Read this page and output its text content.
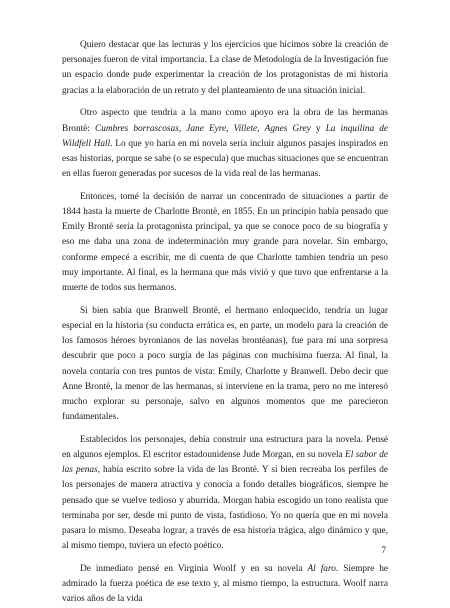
Quiero destacar que las lecturas y los ejercicios que hicimos sobre la creación de personajes fueron de vital importancia. La clase de Metodología de la Investigación fue un espacio donde pude experimentar la creación de los protagonistas de mi historia gracias a la elaboración de un retrato y del planteamiento de una situación inicial.

Otro aspecto que tendría a la mano como apoyo era la obra de las hermanas Brontë: Cumbres borrascosas, Jane Eyre, Villete, Agnes Grey y La inquilina de Wildfell Hall. Lo que yo haría en mi novela sería incluir algunos pasajes inspirados en esas historias, porque se sabe (o se especula) que muchas situaciones que se encuentran en ellas fueron generadas por sucesos de la vida real de las hermanas.

Entonces, tomé la decisión de narrar un concentrado de situaciones a partir de 1844 hasta la muerte de Charlotte Brontë, en 1855. En un principio había pensado que Emily Brontë sería la protagonista principal, ya que se conoce poco de su biografía y eso me daba una zona de indeterminación muy grande para novelar. Sin embargo, conforme empecé a escribir, me di cuenta de que Charlotte tambien tendría un peso muy importante. Al final, es la hermana que más vivió y que tuvo que enfrentarse a la muerte de todos sus hermanos.

Si bien sabía que Branwell Brontë, el hermano enloquecido, tendría un lugar especial en la historia (su conducta errática es, en parte, un modelo para la creación de los famosos héroes byronianos de las novelas brontëanas), fue para mí una sorpresa descubrir que poco a poco surgía de las páginas con muchísima fuerza. Al final, la novela contaría con tres puntos de vista: Emily, Charlotte y Branwell. Debo decir que Anne Brontë, la menor de las hermanas, sí interviene en la trama, pero no me interesó mucho explorar su personaje, salvo en algunos momentos que me parecieron fundamentales.

Establecidos los personajes, debía construir una estructura para la novela. Pensé en algunos ejemplos. El escritor estadounidense Jude Morgan, en su novela El sabor de las penas, había escrito sobre la vida de las Brontë. Y si bien recreaba los perfiles de los personajes de manera atractiva y conocía a fondo detalles biográficos, siempre he pensado que se vuelve tedioso y aburrida. Morgan había escogido un tono realista que terminaba por ser, desde mi punto de vista, fastidioso. Yo no quería que en mi novela pasara lo mismo. Deseaba lograr, a través de esa historia trágica, algo dinámico y que, al mismo tiempo, tuviera un efecto poético.

De inmediato pensé en Virginia Woolf y en su novela Al faro. Siempre he admirado la fuerza poética de ese texto y, al mismo tiempo, la estructura. Woolf narra varios años de la vida

7
